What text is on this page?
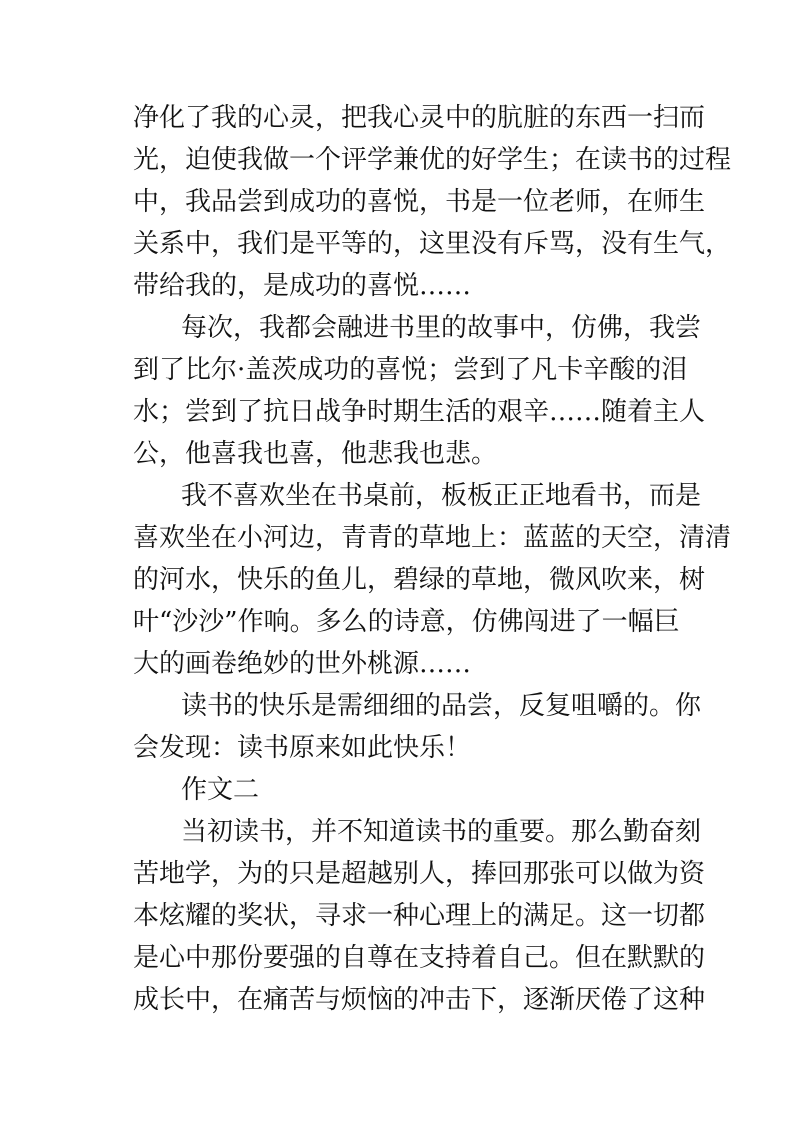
净化了我的心灵，把我心灵中的肮脏的东西一扫而
光，迫使我做一个评学兼优的好学生；在读书的过程
中，我品尝到成功的喜悦，书是一位老师，在师生
关系中，我们是平等的，这里没有斥骂，没有生气，
带给我的，是成功的喜悦……
每次，我都会融进书里的故事中，仿佛，我尝
到了比尔·盖茨成功的喜悦；尝到了凡卡辛酸的泪
水；尝到了抗日战争时期生活的艰辛……随着主人
公，他喜我也喜，他悲我也悲。
我不喜欢坐在书桌前，板板正正地看书，而是
喜欢坐在小河边，青青的草地上：蓝蓝的天空，清清
的河水，快乐的鱼儿，碧绿的草地，微风吹来，树
叶“沙沙”作响。多么的诗意，仿佛闯进了一幅巨
大的画卷绝妙的世外桃源……
读书的快乐是需细细的品尝，反复咀嚼的。你
会发现：读书原来如此快乐！
作文二
当初读书，并不知道读书的重要。那么勤奋刻
苦地学，为的只是超越别人，捧回那张可以做为资
本炫耀的奖状，寻求一种心理上的满足。这一切都
是心中那份要强的自尊在支持着自己。但在默默的
成长中，在痛苦与烦恼的冲击下，逐渐厌倦了这种
